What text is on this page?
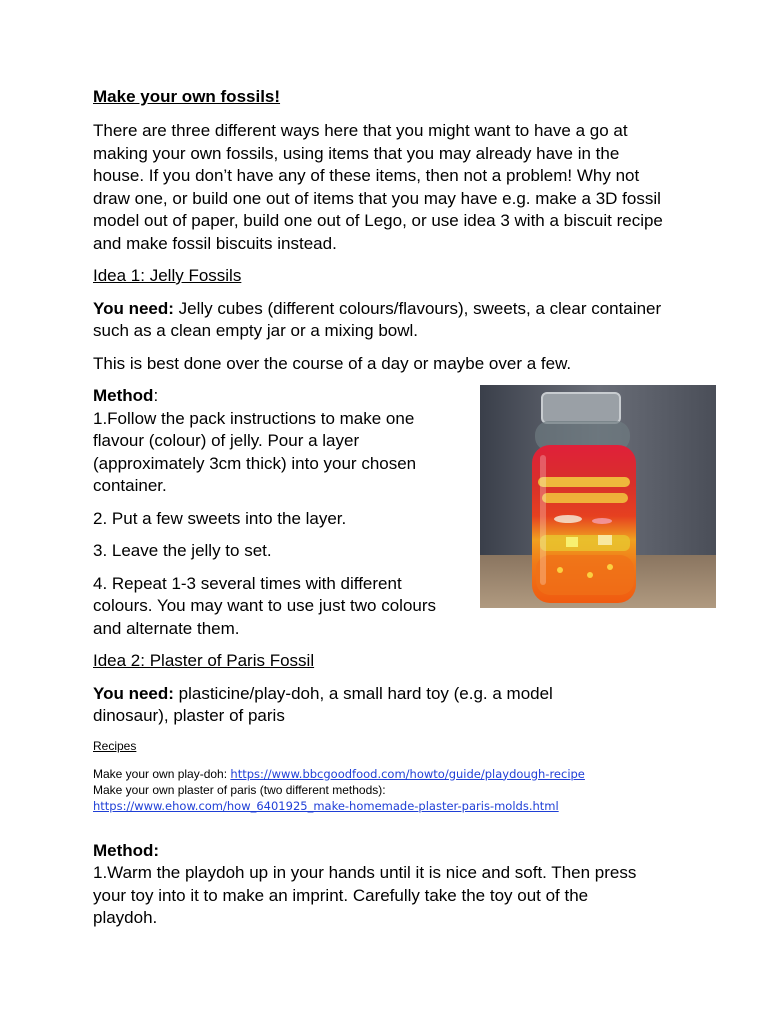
Make your own fossils!
There are three different ways here that you might want to have a go at making your own fossils, using items that you may already have in the house. If you don’t have any of these items, then not a problem! Why not draw one, or build one out of items that you may have e.g. make a 3D fossil model out of paper, build one out of Lego, or use idea 3 with a biscuit recipe and make fossil biscuits instead.
Idea 1: Jelly Fossils
You need: Jelly cubes (different colours/flavours), sweets, a clear container such as a clean empty jar or a mixing bowl.
This is best done over the course of a day or maybe over a few.
Method:
1.Follow the pack instructions to make one flavour (colour) of jelly. Pour a layer (approximately 3cm thick) into your chosen container.
2. Put a few sweets into the layer.
3. Leave the jelly to set.
4. Repeat 1-3 several times with different colours. You may want to use just two colours and alternate them.
Idea 2: Plaster of Paris Fossil
You need: plasticine/play-doh, a small hard toy (e.g. a model dinosaur), plaster of paris
Recipes
Make your own play-doh: https://www.bbcgoodfood.com/howto/guide/playdough-recipe
Make your own plaster of paris (two different methods):
https://www.ehow.com/how_6401925_make-homemade-plaster-paris-molds.html
Method:
1.Warm the playdoh up in your hands until it is nice and soft. Then press your toy into it to make an imprint. Carefully take the toy out of the playdoh.
